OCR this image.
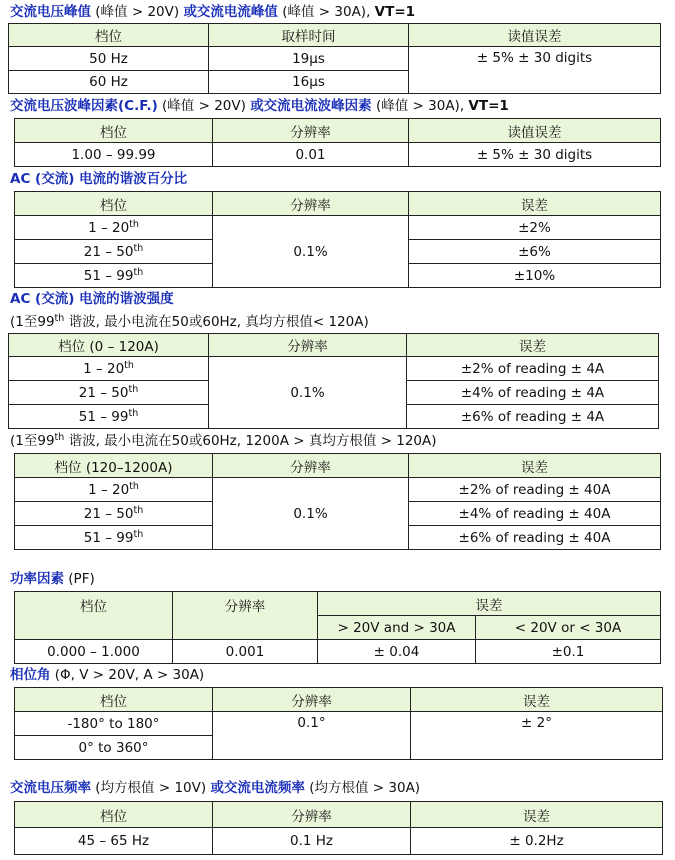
交流电压峰值 (峰值 > 20V) 或交流电流峰值 (峰值 > 30A), VT=1
档位	取样时间	读值误差
50 Hz	19µs	± 5% ± 30 digits
60 Hz	16µs	
交流电压波峰因素(C.F.) (峰值 > 20V) 或交流电流波峰因素 (峰值 > 30A), VT=1
档位	分辨率	读值误差
1.00 – 99.99	0.01	± 5% ± 30 digits
AC (交流) 电流的谐波百分比
档位	分辨率	误差
1 – 20th	0.1%	±2%
21 – 50th		±6%
51 – 99th		±10%
AC (交流) 电流的谐波强度
(1至99th 谐波, 最小电流在50或60Hz, 真均方根值< 120A)
档位 (0 – 120A)	分辨率	误差
1 – 20th	0.1%	±2% of reading ± 4A
21 – 50th		±4% of reading ± 4A
51 – 99th		±6% of reading ± 4A
(1至99th 谐波, 最小电流在50或60Hz, 1200A > 真均方根值 > 120A)
档位 (120–1200A)	分辨率	误差
1 – 20th	0.1%	±2% of reading ± 40A
21 – 50th		±4% of reading ± 40A
51 – 99th		±6% of reading ± 40A
功率因素 (PF)
档位	分辨率	误差	
		> 20V and > 30A	< 20V or < 30A
0.000 – 1.000	0.001	± 0.04	±0.1
相位角 (Φ, V > 20V, A > 30A)
档位	分辨率	误差
-180° to 180°	0.1°	± 2°
0° to 360°		
交流电压频率 (均方根值 > 10V) 或交流电流频率 (均方根值 > 30A)
档位	分辨率	误差
45 – 65 Hz	0.1 Hz	± 0.2Hz
